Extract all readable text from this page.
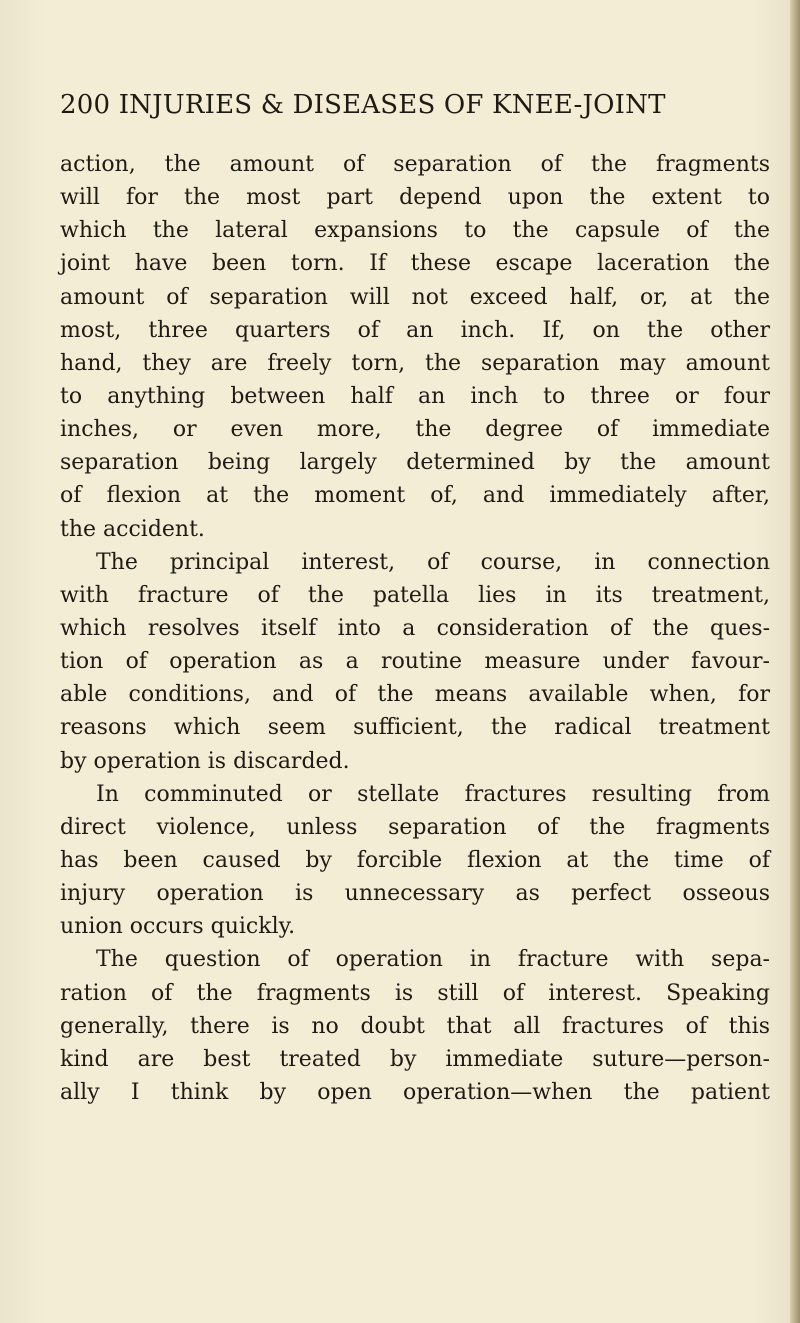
200 INJURIES & DISEASES OF KNEE-JOINT
action, the amount of separation of the fragments
will for the most part depend upon the extent to
which the lateral expansions to the capsule of the
joint have been torn. If these escape laceration the
amount of separation will not exceed half, or, at the
most, three quarters of an inch. If, on the other
hand, they are freely torn, the separation may amount
to anything between half an inch to three or four
inches, or even more, the degree of immediate
separation being largely determined by the amount
of flexion at the moment of, and immediately after,
the accident.
The principal interest, of course, in connection
with fracture of the patella lies in its treatment,
which resolves itself into a consideration of the ques-
tion of operation as a routine measure under favour-
able conditions, and of the means available when, for
reasons which seem sufficient, the radical treatment
by operation is discarded.
In comminuted or stellate fractures resulting from
direct violence, unless separation of the fragments
has been caused by forcible flexion at the time of
injury operation is unnecessary as perfect osseous
union occurs quickly.
The question of operation in fracture with sepa-
ration of the fragments is still of interest. Speaking
generally, there is no doubt that all fractures of this
kind are best treated by immediate suture—person-
ally I think by open operation—when the patient
